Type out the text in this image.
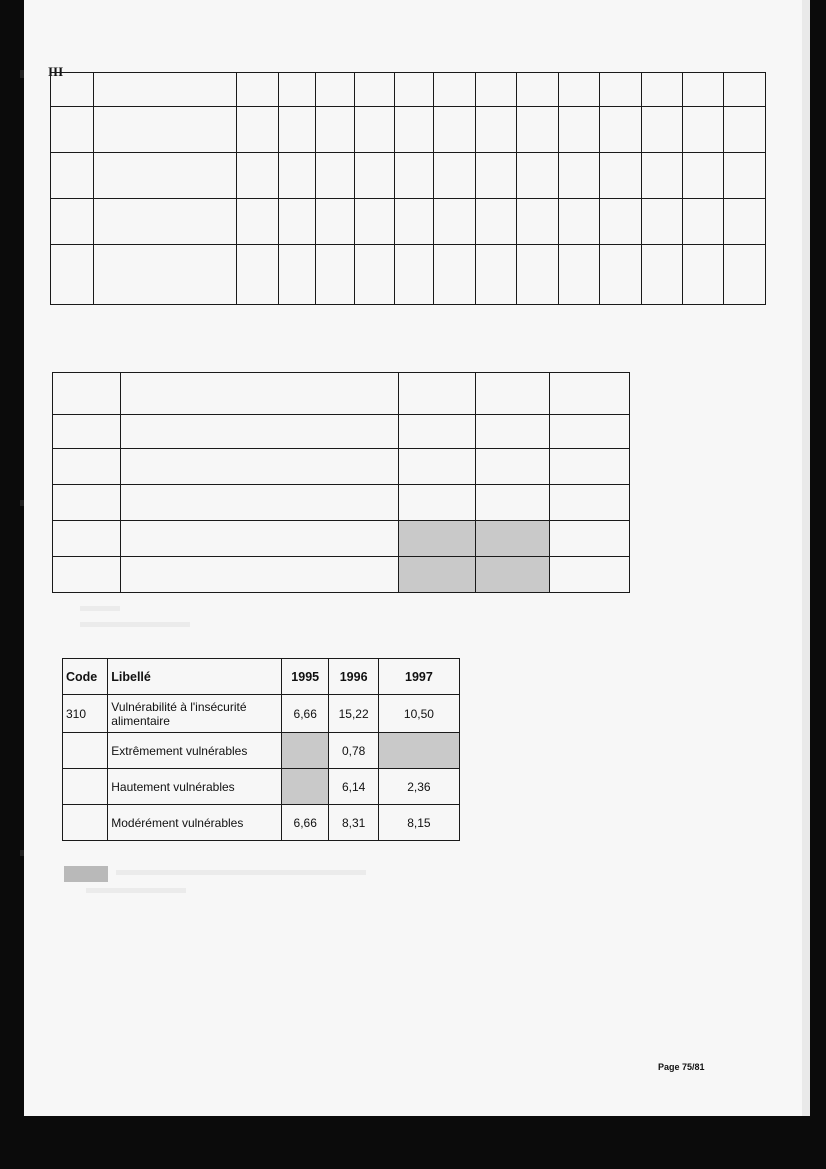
III

Code	Libellé	1995	1996	1997
310	Vulnérabilité à l'insécurité alimentaire	6,66	15,22	10,50
	Extrêmement vulnérables		0,78	
	Hautement vulnérables		6,14	2,36
	Modérément vulnérables	6,66	8,31	8,15
Page 75/81
